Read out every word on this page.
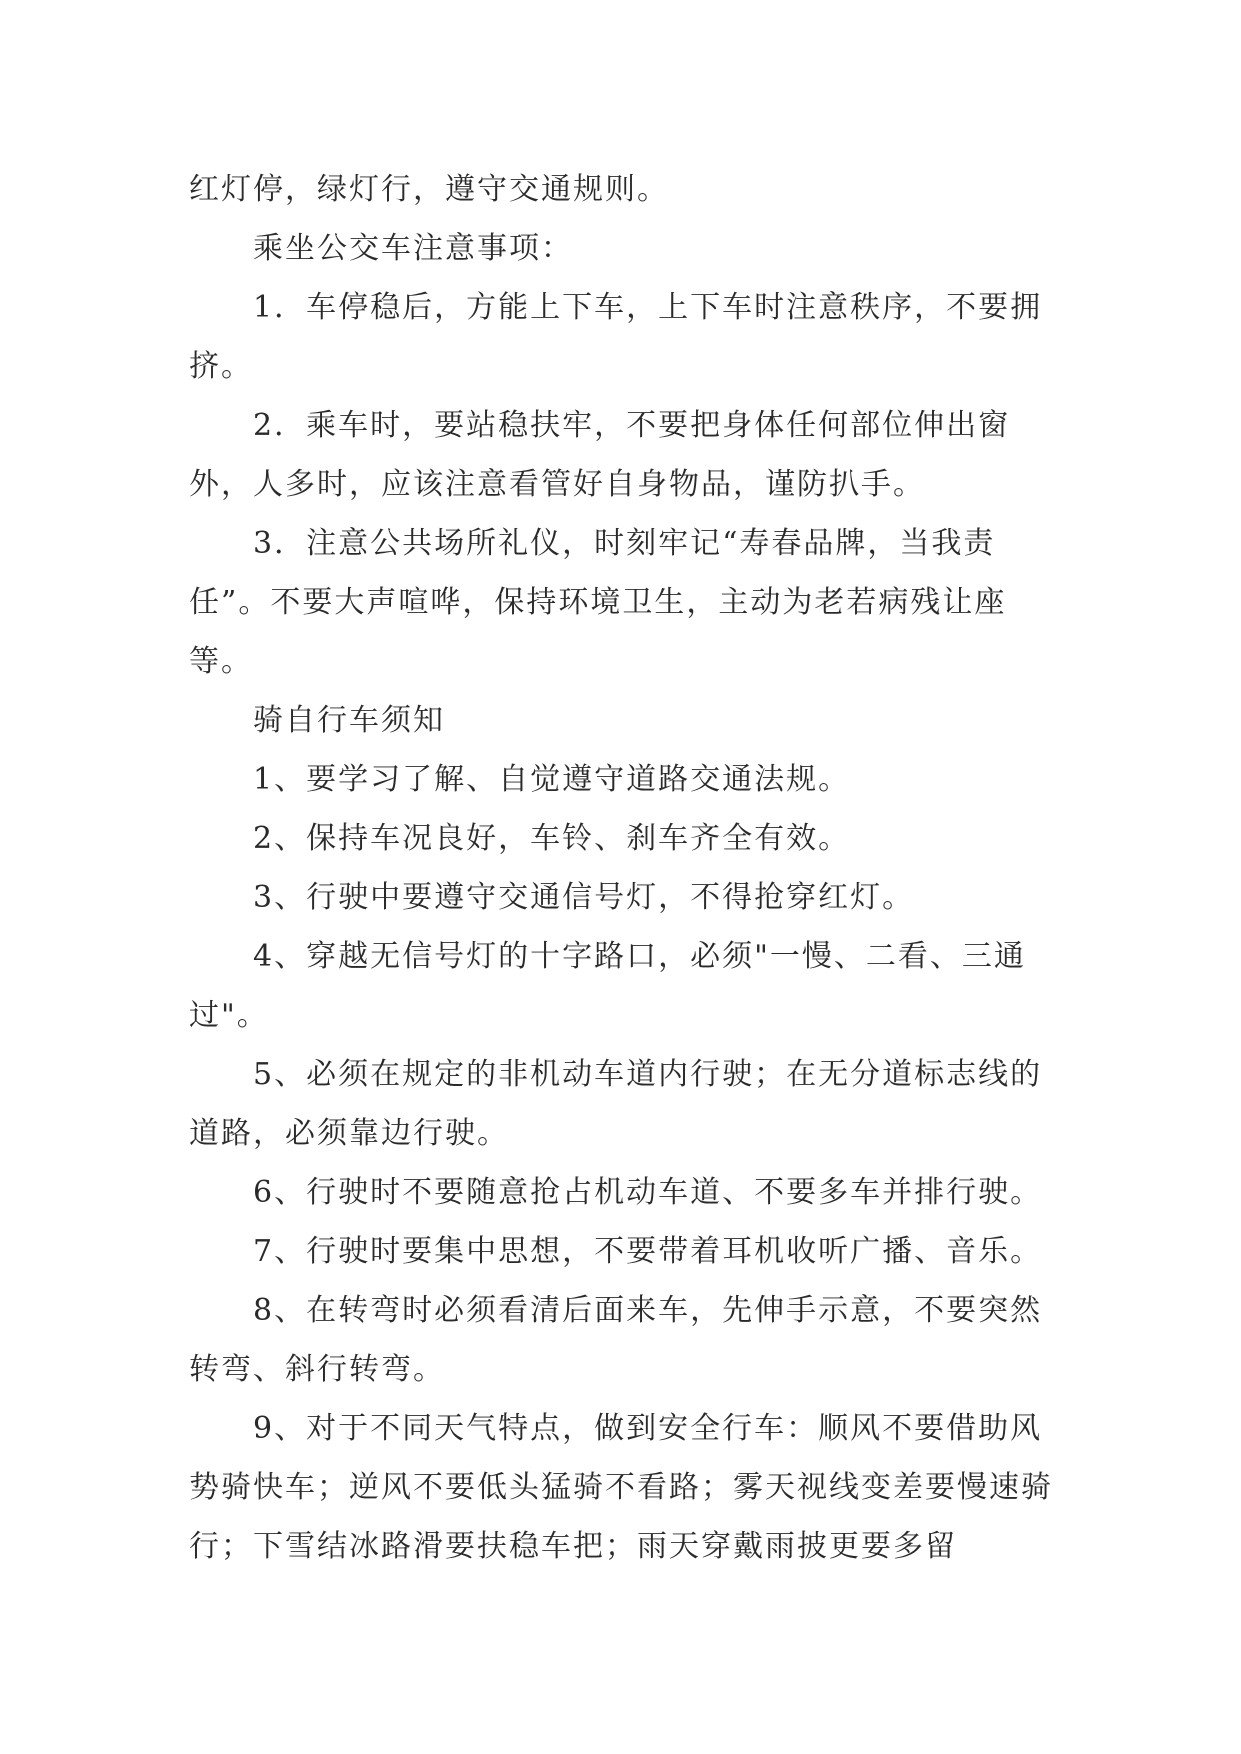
红灯停，绿灯行，遵守交通规则。

乘坐公交车注意事项：

1．车停稳后，方能上下车，上下车时注意秩序，不要拥挤。

2．乘车时，要站稳扶牢，不要把身体任何部位伸出窗外，人多时，应该注意看管好自身物品，谨防扒手。

3．注意公共场所礼仪，时刻牢记“寿春品牌，当我责任”。不要大声喧哗，保持环境卫生，主动为老若病残让座等。

骑自行车须知

1、要学习了解、自觉遵守道路交通法规。

2、保持车况良好，车铃、刹车齐全有效。

3、行驶中要遵守交通信号灯，不得抢穿红灯。

4、穿越无信号灯的十字路口，必须"一慢、二看、三通过"。

5、必须在规定的非机动车道内行驶；在无分道标志线的道路，必须靠边行驶。

6、行驶时不要随意抢占机动车道、不要多车并排行驶。

7、行驶时要集中思想，不要带着耳机收听广播、音乐。

8、在转弯时必须看清后面来车，先伸手示意，不要突然转弯、斜行转弯。

9、对于不同天气特点，做到安全行车：顺风不要借助风势骑快车；逆风不要低头猛骑不看路；雾天视线变差要慢速骑行；下雪结冰路滑要扶稳车把；雨天穿戴雨披更要多留
